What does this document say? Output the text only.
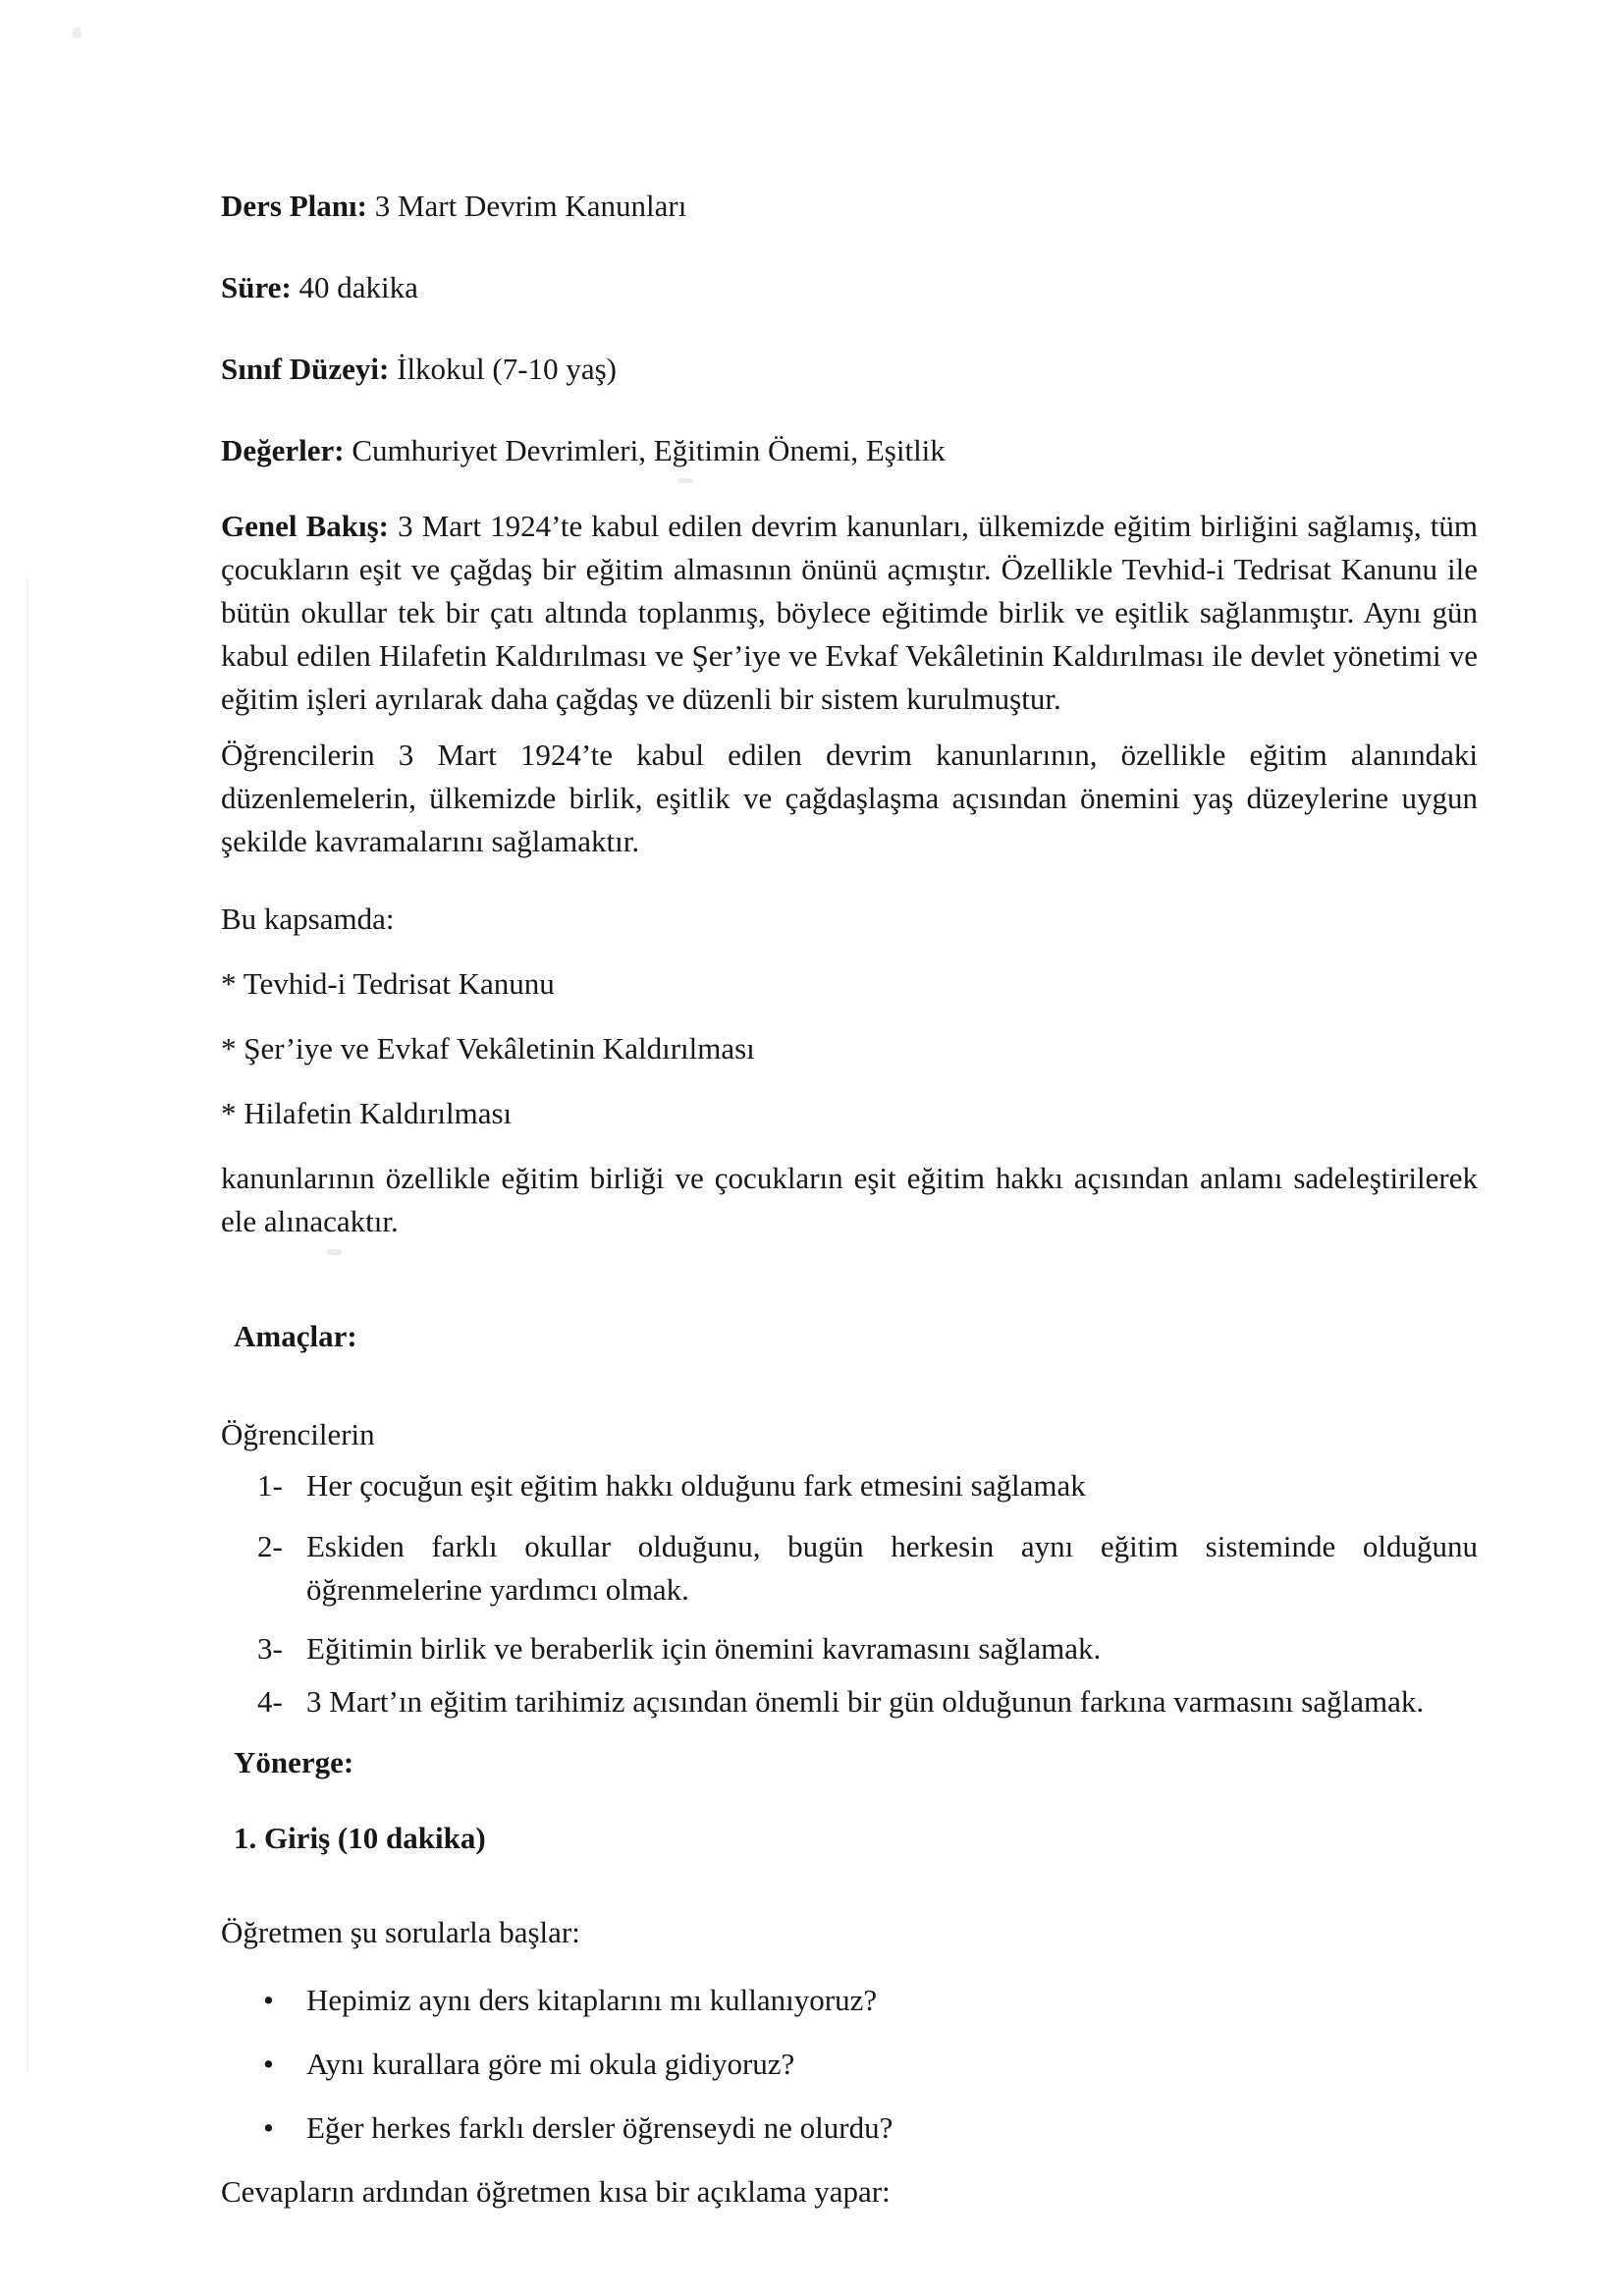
Ders Planı: 3 Mart Devrim Kanunları

Süre: 40 dakika

Sınıf Düzeyi: İlkokul (7-10 yaş)

Değerler: Cumhuriyet Devrimleri, Eğitimin Önemi, Eşitlik

Genel Bakış: 3 Mart 1924’te kabul edilen devrim kanunları, ülkemizde eğitim birliğini sağlamış, tüm çocukların eşit ve çağdaş bir eğitim almasının önünü açmıştır. Özellikle Tevhid-i Tedrisat Kanunu ile bütün okullar tek bir çatı altında toplanmış, böylece eğitimde birlik ve eşitlik sağlanmıştır. Aynı gün kabul edilen Hilafetin Kaldırılması ve Şer’iye ve Evkaf Vekâletinin Kaldırılması ile devlet yönetimi ve eğitim işleri ayrılarak daha çağdaş ve düzenli bir sistem kurulmuştur.

Öğrencilerin 3 Mart 1924’te kabul edilen devrim kanunlarının, özellikle eğitim alanındaki düzenlemelerin, ülkemizde birlik, eşitlik ve çağdaşlaşma açısından önemini yaş düzeylerine uygun şekilde kavramalarını sağlamaktır.

Bu kapsamda:

* Tevhid-i Tedrisat Kanunu

* Şer’iye ve Evkaf Vekâletinin Kaldırılması

* Hilafetin Kaldırılması

kanunlarının özellikle eğitim birliği ve çocukların eşit eğitim hakkı açısından anlamı sadeleştirilerek ele alınacaktır.

Amaçlar:

Öğrencilerin

1- Her çocuğun eşit eğitim hakkı olduğunu fark etmesini sağlamak
2- Eskiden farklı okullar olduğunu, bugün herkesin aynı eğitim sisteminde olduğunu öğrenmelerine yardımcı olmak.
3- Eğitimin birlik ve beraberlik için önemini kavramasını sağlamak.
4- 3 Mart’ın eğitim tarihimiz açısından önemli bir gün olduğunun farkına varmasını sağlamak.

Yönerge:

1. Giriş (10 dakika)

Öğretmen şu sorularla başlar:

•	Hepimiz aynı ders kitaplarını mı kullanıyoruz?
•	Aynı kurallara göre mi okula gidiyoruz?
•	Eğer herkes farklı dersler öğrenseydi ne olurdu?

Cevapların ardından öğretmen kısa bir açıklama yapar:
